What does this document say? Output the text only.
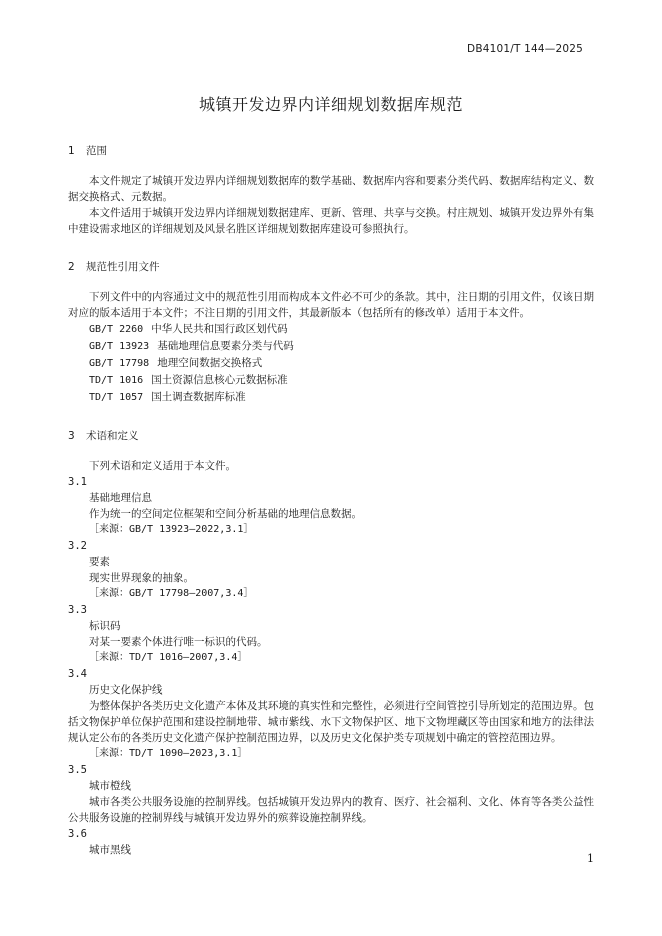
DB4101/T 144—2025
城镇开发边界内详细规划数据库规范
1 范围

本文件规定了城镇开发边界内详细规划数据库的数学基础、数据库内容和要素分类代码、数据库结构定义、数据交换格式、元数据。

本文件适用于城镇开发边界内详细规划数据建库、更新、管理、共享与交换。村庄规划、城镇开发边界外有集中建设需求地区的详细规划及风景名胜区详细规划数据库建设可参照执行。

2 规范性引用文件

下列文件中的内容通过文中的规范性引用而构成本文件必不可少的条款。其中，注日期的引用文件，仅该日期对应的版本适用于本文件；不注日期的引用文件，其最新版本（包括所有的修改单）适用于本文件。

GB/T 2260 中华人民共和国行政区划代码

GB/T 13923 基础地理信息要素分类与代码

GB/T 17798 地理空间数据交换格式

TD/T 1016 国土资源信息核心元数据标准

TD/T 1057 国土调查数据库标准

3 术语和定义

下列术语和定义适用于本文件。

3.1
基础地理信息

作为统一的空间定位框架和空间分析基础的地理信息数据。

［来源：GB/T 13923—2022,3.1］
3.2
要素

现实世界现象的抽象。

［来源：GB/T 17798—2007,3.4］
3.3
标识码

对某一要素个体进行唯一标识的代码。

［来源：TD/T 1016—2007,3.4］
3.4
历史文化保护线

为整体保护各类历史文化遗产本体及其环境的真实性和完整性，必须进行空间管控引导所划定的范围边界。包括文物保护单位保护范围和建设控制地带、城市紫线、水下文物保护区、地下文物埋藏区等由国家和地方的法律法规认定公布的各类历史文化遗产保护控制范围边界，以及历史文化保护类专项规划中确定的管控范围边界。

［来源：TD/T 1090—2023,3.1］
3.5
城市橙线

城市各类公共服务设施的控制界线。包括城镇开发边界内的教育、医疗、社会福利、文化、体育等各类公益性公共服务设施的控制界线与城镇开发边界外的殡葬设施控制界线。

3.6
城市黑线
1
